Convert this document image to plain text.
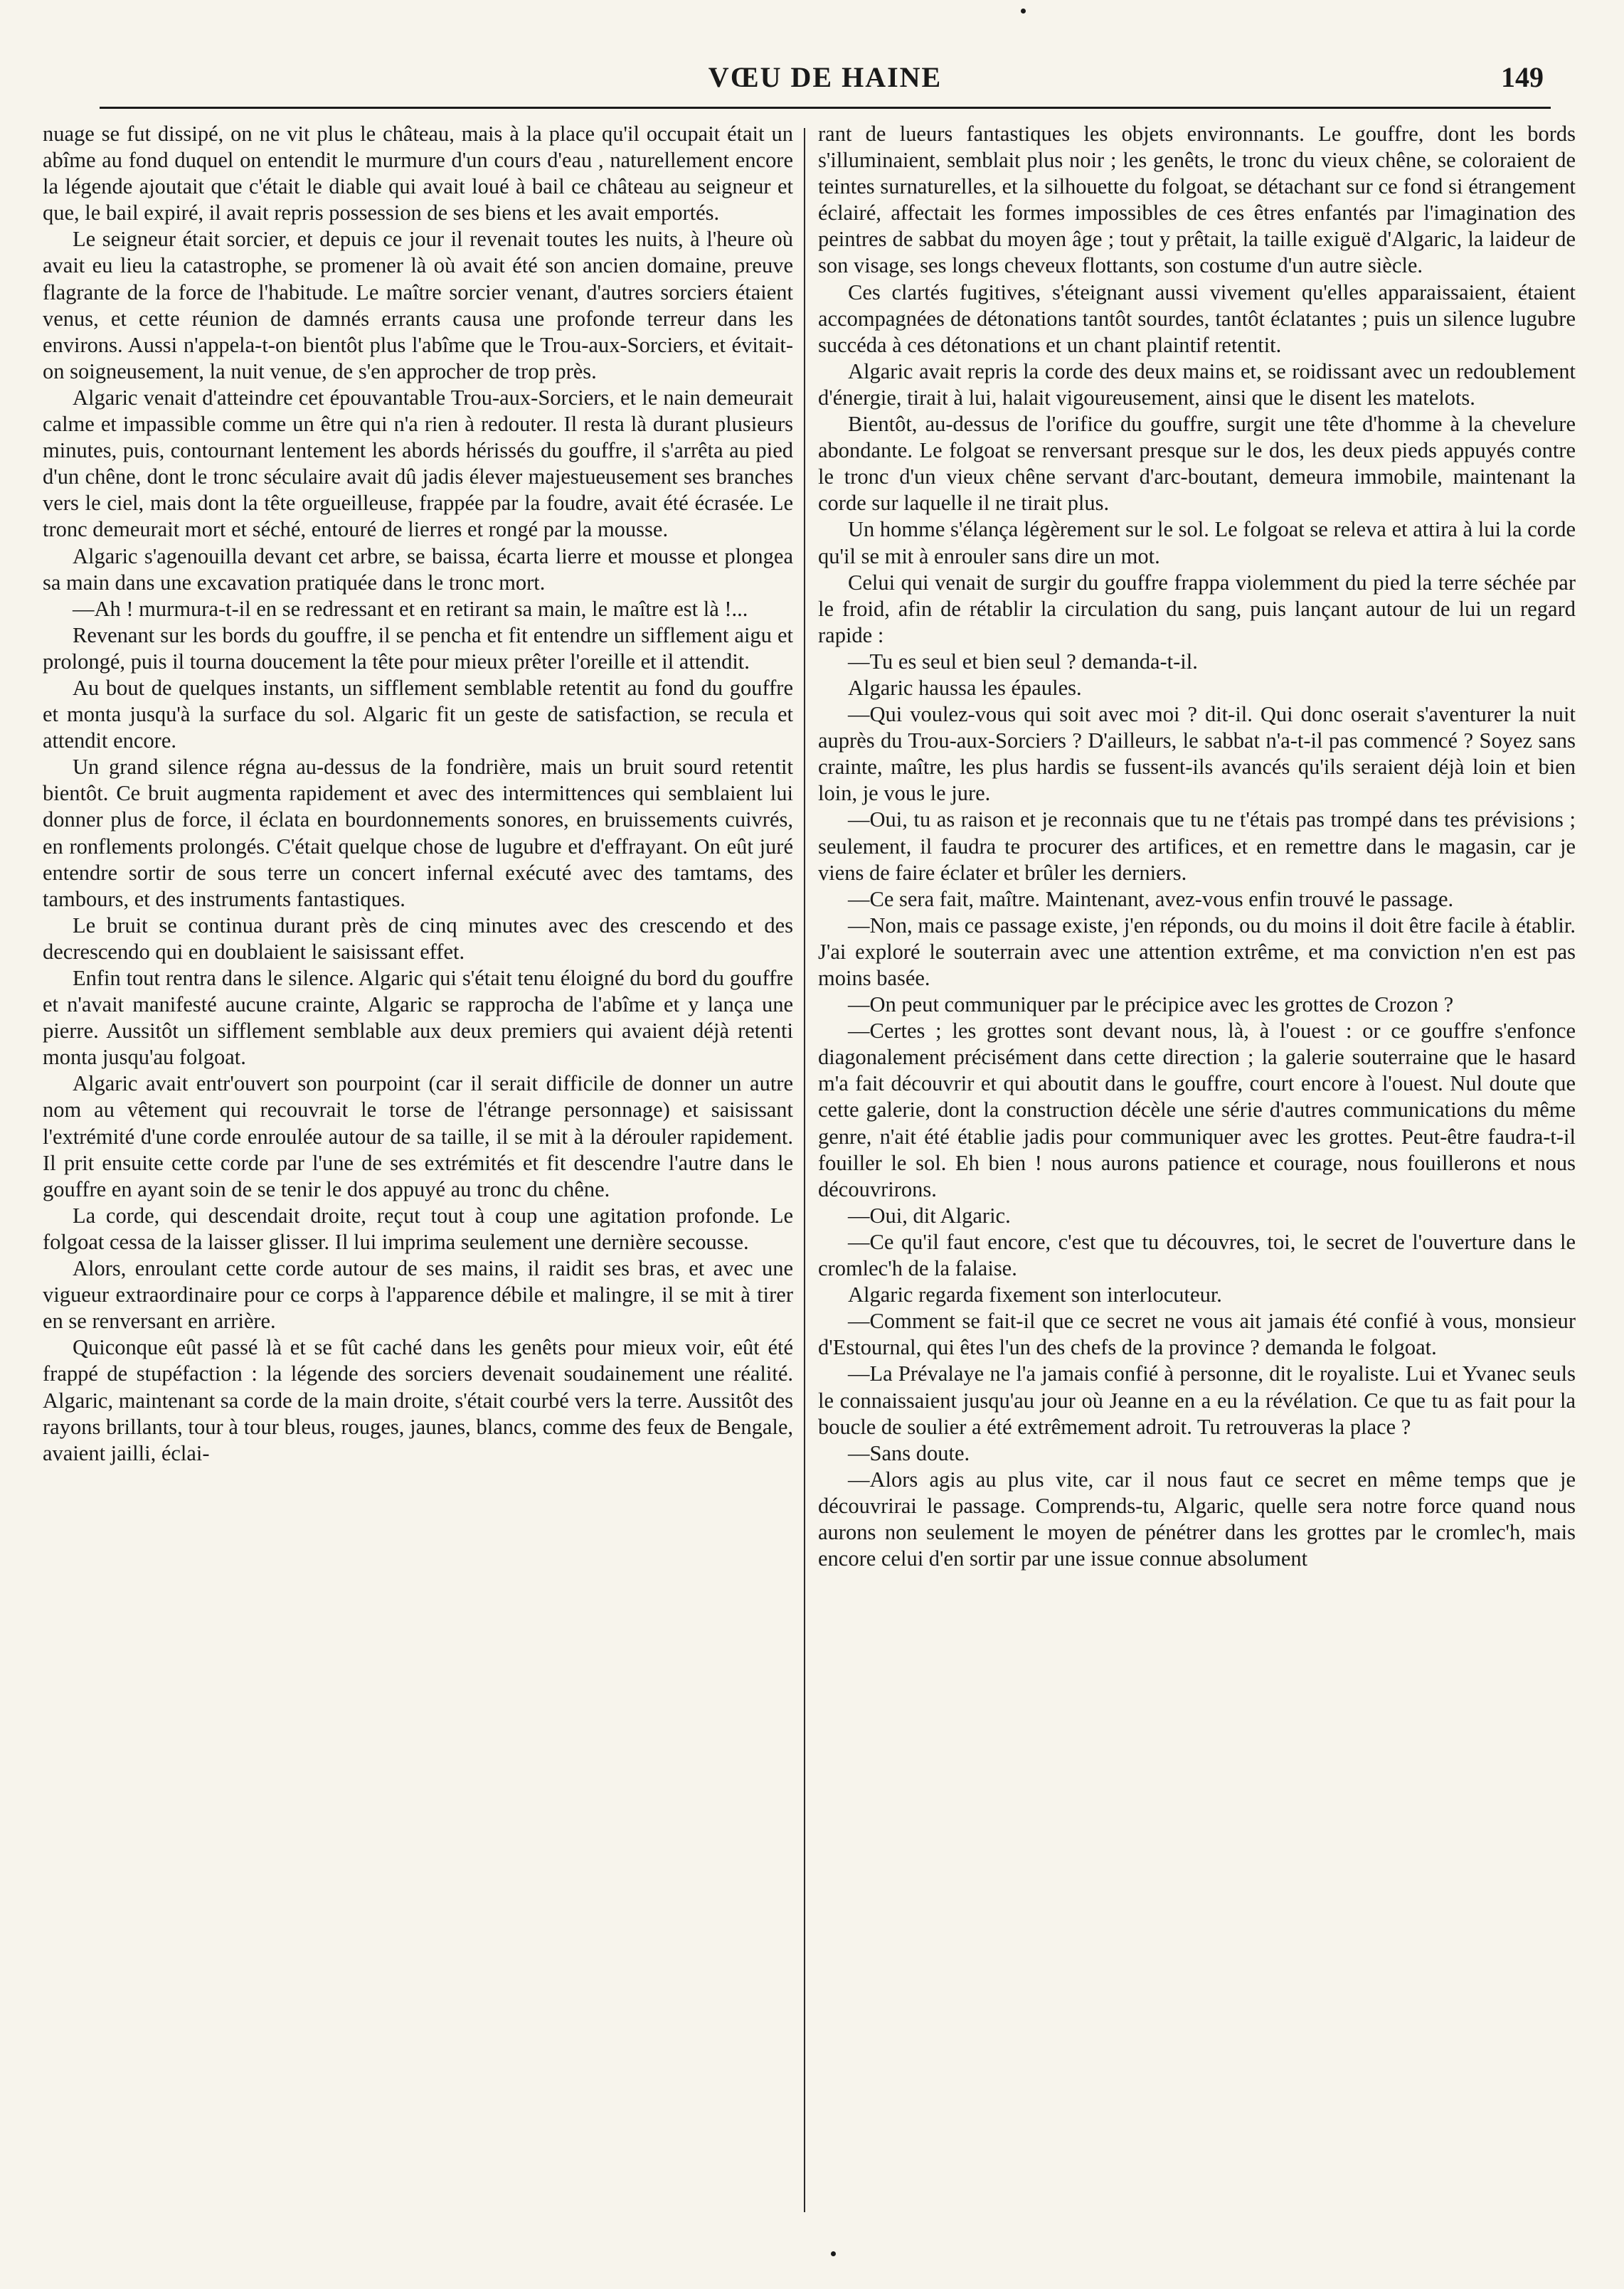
VŒU DE HAINE	149

nuage se fut dissipé, on ne vit plus le château, mais à la place qu'il occupait était un abîme au fond duquel on entendit le murmure d'un cours d'eau , naturellement encore la légende ajoutait que c'était le diable qui avait loué à bail ce château au seigneur et que, le bail expiré, il avait repris possession de ses biens et les avait emportés.

Le seigneur était sorcier, et depuis ce jour il revenait toutes les nuits, à l'heure où avait eu lieu la catastrophe, se promener là où avait été son ancien domaine, preuve flagrante de la force de l'habitude. Le maître sorcier venant, d'autres sorciers étaient venus, et cette réunion de damnés errants causa une profonde terreur dans les environs. Aussi n'appela-t-on bientôt plus l'abîme que le Trou-aux-Sorciers, et évitait-on soigneusement, la nuit venue, de s'en approcher de trop près.

Algaric venait d'atteindre cet épouvantable Trou-aux-Sorciers, et le nain demeurait calme et impassible comme un être qui n'a rien à redouter. Il resta là durant plusieurs minutes, puis, contournant lentement les abords hérissés du gouffre, il s'arrêta au pied d'un chêne, dont le tronc séculaire avait dû jadis élever majestueusement ses branches vers le ciel, mais dont la tête orgueilleuse, frappée par la foudre, avait été écrasée. Le tronc demeurait mort et séché, entouré de lierres et rongé par la mousse.

Algaric s'agenouilla devant cet arbre, se baissa, écarta lierre et mousse et plongea sa main dans une excavation pratiquée dans le tronc mort.

—Ah ! murmura-t-il en se redressant et en retirant sa main, le maître est là !...

Revenant sur les bords du gouffre, il se pencha et fit entendre un sifflement aigu et prolongé, puis il tourna doucement la tête pour mieux prêter l'oreille et il attendit.

Au bout de quelques instants, un sifflement semblable retentit au fond du gouffre et monta jusqu'à la surface du sol. Algaric fit un geste de satisfaction, se recula et attendit encore.

Un grand silence régna au-dessus de la fondrière, mais un bruit sourd retentit bientôt. Ce bruit augmenta rapidement et avec des intermittences qui semblaient lui donner plus de force, il éclata en bourdonnements sonores, en bruissements cuivrés, en ronflements prolongés. C'était quelque chose de lugubre et d'effrayant. On eût juré entendre sortir de sous terre un concert infernal exécuté avec des tamtams, des tambours, et des instruments fantastiques.

Le bruit se continua durant près de cinq minutes avec des crescendo et des decrescendo qui en doublaient le saisissant effet.

Enfin tout rentra dans le silence. Algaric qui s'était tenu éloigné du bord du gouffre et n'avait manifesté aucune crainte, Algaric se rapprocha de l'abîme et y lança une pierre. Aussitôt un sifflement semblable aux deux premiers qui avaient déjà retenti monta jusqu'au folgoat.

Algaric avait entr'ouvert son pourpoint (car il serait difficile de donner un autre nom au vêtement qui recouvrait le torse de l'étrange personnage) et saisissant l'extrémité d'une corde enroulée autour de sa taille, il se mit à la dérouler rapidement. Il prit ensuite cette corde par l'une de ses extrémités et fit descendre l'autre dans le gouffre en ayant soin de se tenir le dos appuyé au tronc du chêne.

La corde, qui descendait droite, reçut tout à coup une agitation profonde. Le folgoat cessa de la laisser glisser. Il lui imprima seulement une dernière secousse.

Alors, enroulant cette corde autour de ses mains, il raidit ses bras, et avec une vigueur extraordinaire pour ce corps à l'apparence débile et malingre, il se mit à tirer en se renversant en arrière.

Quiconque eût passé là et se fût caché dans les genêts pour mieux voir, eût été frappé de stupéfaction : la légende des sorciers devenait soudainement une réalité. Algaric, maintenant sa corde de la main droite, s'était courbé vers la terre. Aussitôt des rayons brillants, tour à tour bleus, rouges, jaunes, blancs, comme des feux de Bengale, avaient jailli, éclai-

rant de lueurs fantastiques les objets environnants. Le gouffre, dont les bords s'illuminaient, semblait plus noir ; les genêts, le tronc du vieux chêne, se coloraient de teintes surnaturelles, et la silhouette du folgoat, se détachant sur ce fond si étrangement éclairé, affectait les formes impossibles de ces êtres enfantés par l'imagination des peintres de sabbat du moyen âge ; tout y prêtait, la taille exiguë d'Algaric, la laideur de son visage, ses longs cheveux flottants, son costume d'un autre siècle.

Ces clartés fugitives, s'éteignant aussi vivement qu'elles apparaissaient, étaient accompagnées de détonations tantôt sourdes, tantôt éclatantes ; puis un silence lugubre succéda à ces détonations et un chant plaintif retentit.

Algaric avait repris la corde des deux mains et, se roidissant avec un redoublement d'énergie, tirait à lui, halait vigoureusement, ainsi que le disent les matelots.

Bientôt, au-dessus de l'orifice du gouffre, surgit une tête d'homme à la chevelure abondante. Le folgoat se renversant presque sur le dos, les deux pieds appuyés contre le tronc d'un vieux chêne servant d'arc-boutant, demeura immobile, maintenant la corde sur laquelle il ne tirait plus.

Un homme s'élança légèrement sur le sol. Le folgoat se releva et attira à lui la corde qu'il se mit à enrouler sans dire un mot.

Celui qui venait de surgir du gouffre frappa violemment du pied la terre séchée par le froid, afin de rétablir la circulation du sang, puis lançant autour de lui un regard rapide :

—Tu es seul et bien seul ? demanda-t-il.

Algaric haussa les épaules.

—Qui voulez-vous qui soit avec moi ? dit-il. Qui donc oserait s'aventurer la nuit auprès du Trou-aux-Sorciers ? D'ailleurs, le sabbat n'a-t-il pas commencé ? Soyez sans crainte, maître, les plus hardis se fussent-ils avancés qu'ils seraient déjà loin et bien loin, je vous le jure.

—Oui, tu as raison et je reconnais que tu ne t'étais pas trompé dans tes prévisions ; seulement, il faudra te procurer des artifices, et en remettre dans le magasin, car je viens de faire éclater et brûler les derniers.

—Ce sera fait, maître. Maintenant, avez-vous enfin trouvé le passage.

—Non, mais ce passage existe, j'en réponds, ou du moins il doit être facile à établir. J'ai exploré le souterrain avec une attention extrême, et ma conviction n'en est pas moins basée.

—On peut communiquer par le précipice avec les grottes de Crozon ?

—Certes ; les grottes sont devant nous, là, à l'ouest : or ce gouffre s'enfonce diagonalement précisément dans cette direction ; la galerie souterraine que le hasard m'a fait découvrir et qui aboutit dans le gouffre, court encore à l'ouest. Nul doute que cette galerie, dont la construction décèle une série d'autres communications du même genre, n'ait été établie jadis pour communiquer avec les grottes. Peut-être faudra-t-il fouiller le sol. Eh bien ! nous aurons patience et courage, nous fouillerons et nous découvrirons.

—Oui, dit Algaric.

—Ce qu'il faut encore, c'est que tu découvres, toi, le secret de l'ouverture dans le cromlec'h de la falaise.

Algaric regarda fixement son interlocuteur.

—Comment se fait-il que ce secret ne vous ait jamais été confié à vous, monsieur d'Estournal, qui êtes l'un des chefs de la province ? demanda le folgoat.

—La Prévalaye ne l'a jamais confié à personne, dit le royaliste. Lui et Yvanec seuls le connaissaient jusqu'au jour où Jeanne en a eu la révélation. Ce que tu as fait pour la boucle de soulier a été extrêmement adroit. Tu retrouveras la place ?

—Sans doute.

—Alors agis au plus vite, car il nous faut ce secret en même temps que je découvrirai le passage. Comprends-tu, Algaric, quelle sera notre force quand nous aurons non seulement le moyen de pénétrer dans les grottes par le cromlec'h, mais encore celui d'en sortir par une issue connue absolument
